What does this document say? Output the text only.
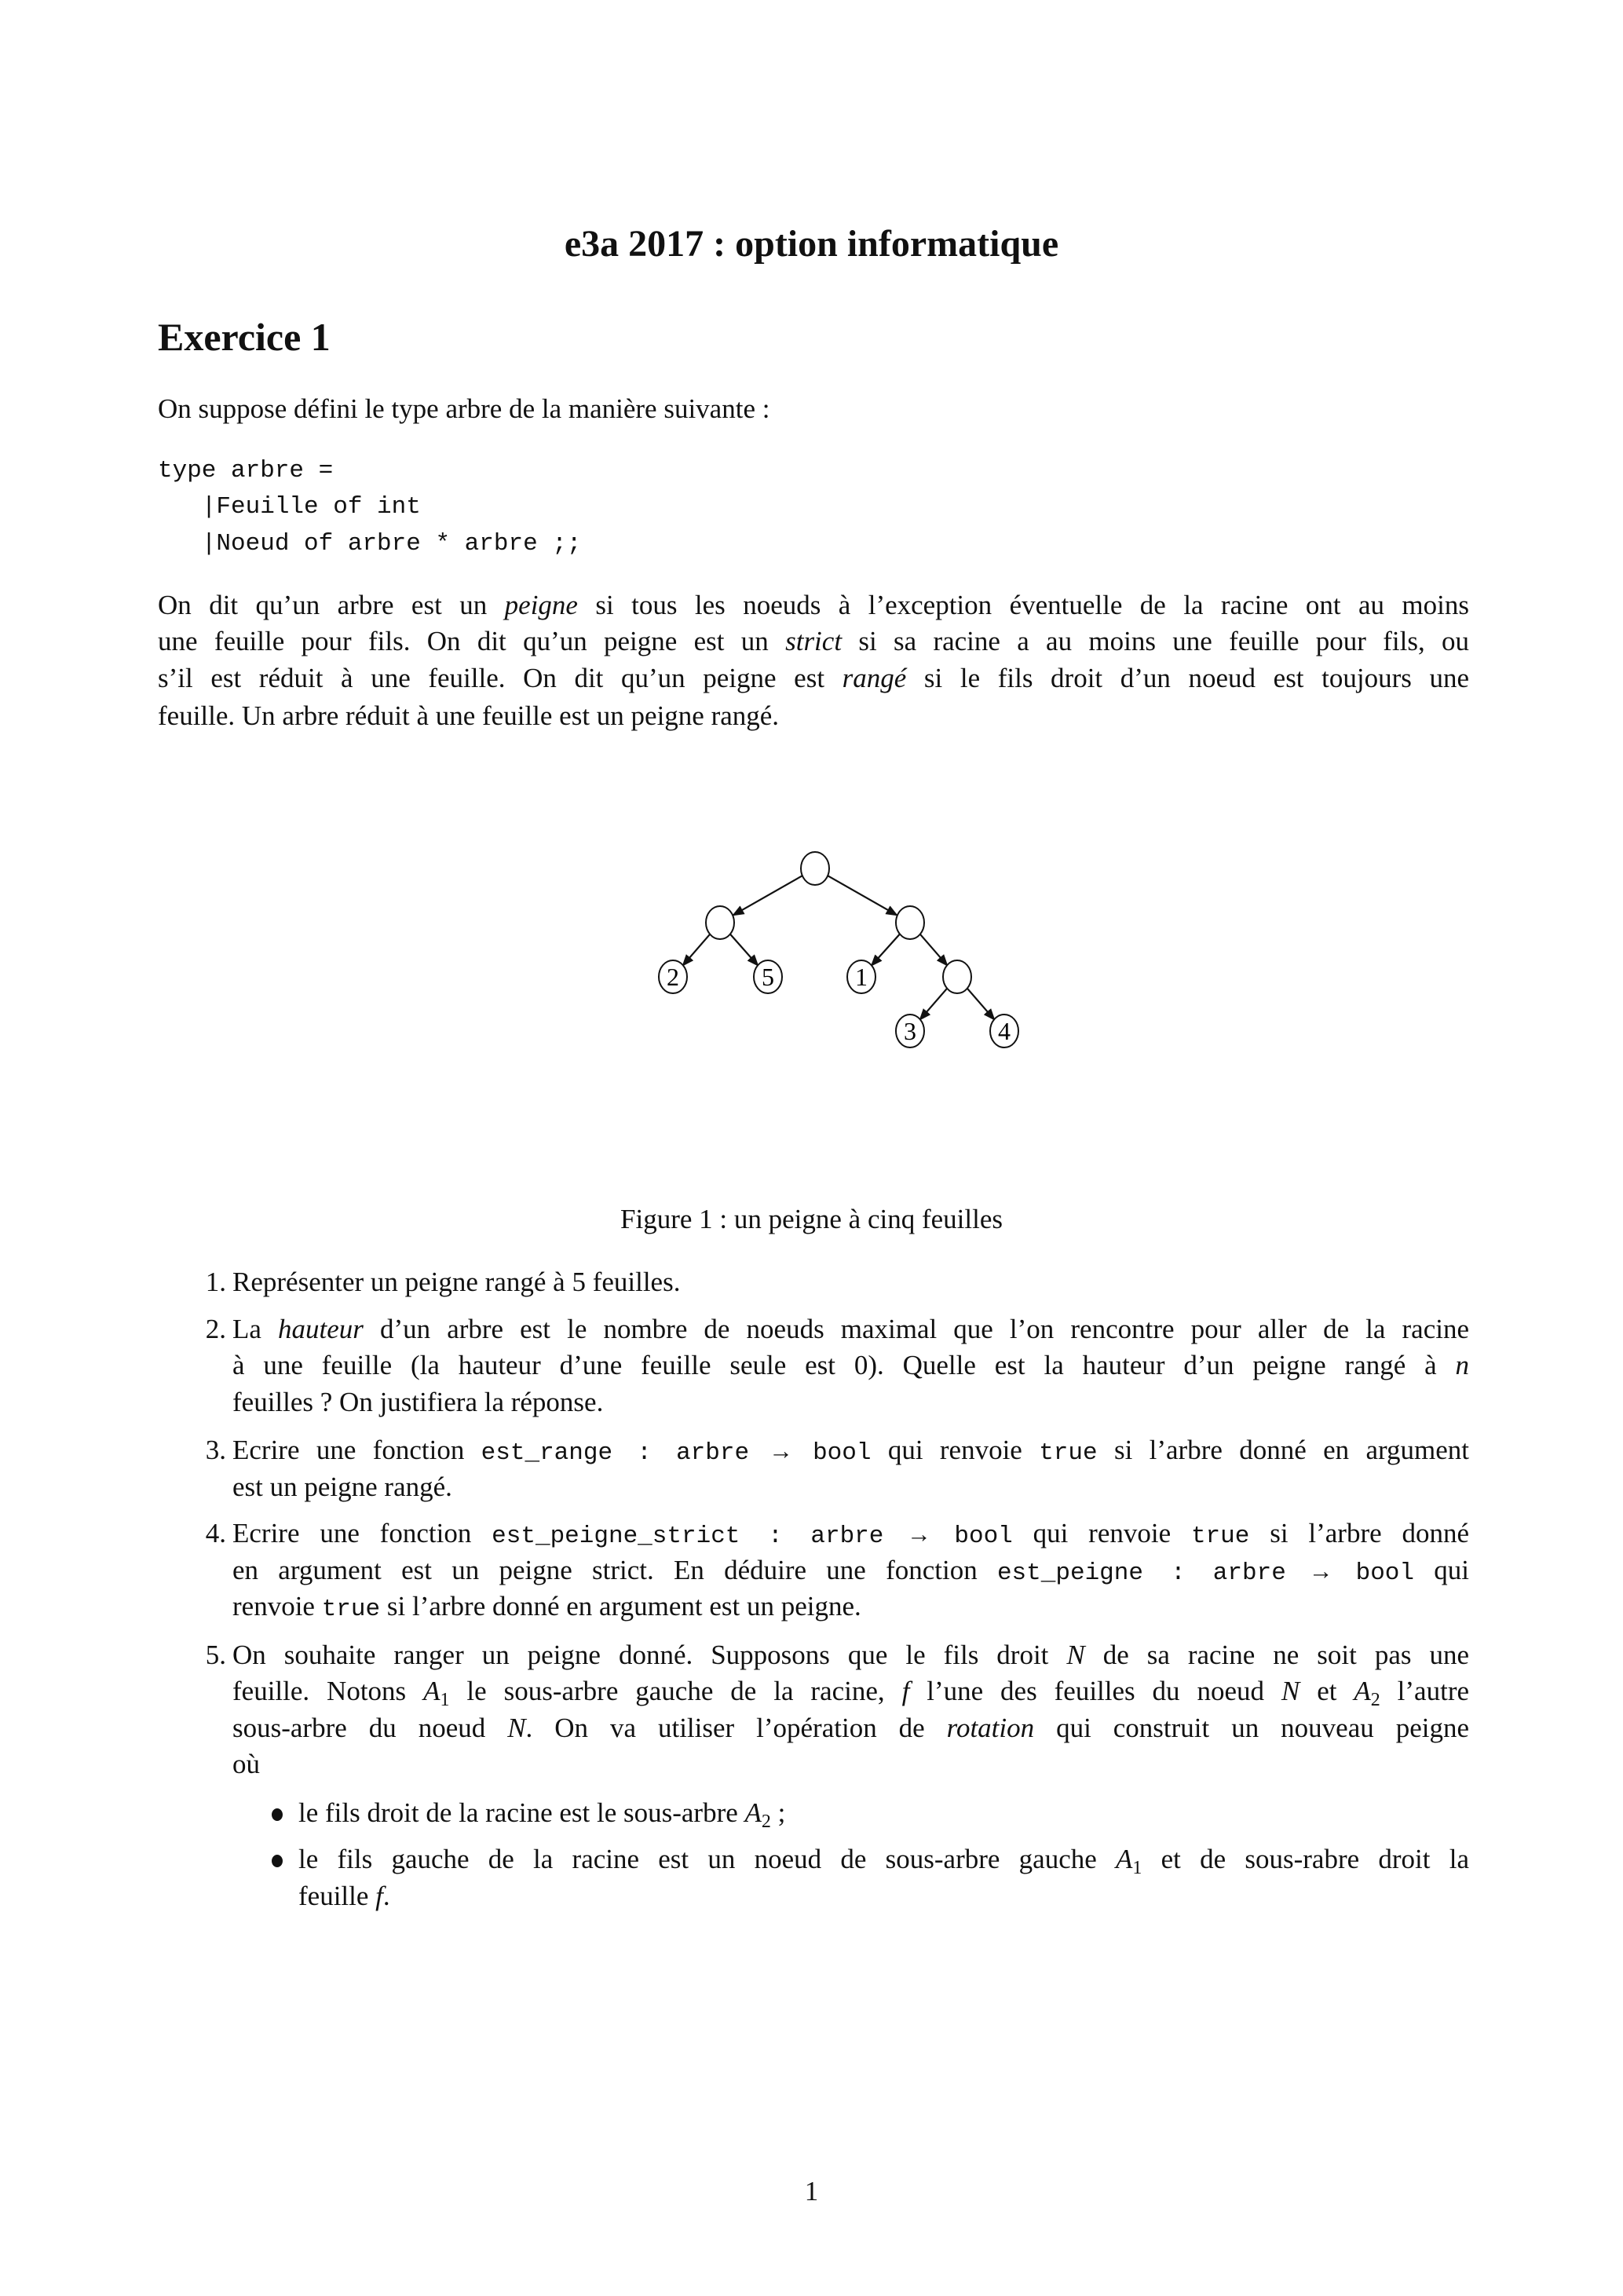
e3a 2017 : option informatique
Exercice 1
On suppose défini le type arbre de la manière suivante :
type arbre =
|Feuille of int
|Noeud of arbre * arbre ;;
On dit qu’un arbre est un peigne si tous les noeuds à l’exception éventuelle de la racine ont au moins
une feuille pour fils. On dit qu’un peigne est un strict si sa racine a au moins une feuille pour fils, ou
s’il est réduit à une feuille. On dit qu’un peigne est rangé si le fils droit d’un noeud est toujours une
feuille. Un arbre réduit à une feuille est un peigne rangé.
2	5	1
3	4
Figure 1 : un peigne à cinq feuilles
1. Représenter un peigne rangé à 5 feuilles.
2. La hauteur d’un arbre est le nombre de noeuds maximal que l’on rencontre pour aller de la racine
à une feuille (la hauteur d’une feuille seule est 0). Quelle est la hauteur d’un peigne rangé à n
feuilles ? On justifiera la réponse.
3. Ecrire une fonction est_range : arbre → bool qui renvoie true si l’arbre donné en argument
est un peigne rangé.
4. Ecrire une fonction est_peigne_strict : arbre → bool qui renvoie true si l’arbre donné
en argument est un peigne strict. En déduire une fonction est_peigne : arbre → bool qui
renvoie true si l’arbre donné en argument est un peigne.
5. On souhaite ranger un peigne donné. Supposons que le fils droit N de sa racine ne soit pas une
feuille. Notons $A_1$ le sous-arbre gauche de la racine, f l’une des feuilles du noeud N et $A_2$ l’autre
sous-arbre du noeud N. On va utiliser l’opération de rotation qui construit un nouveau peigne
où
le fils droit de la racine est le sous-arbre $A_2$ ;
le fils gauche de la racine est un noeud de sous-arbre gauche $A_1$ et de sous-rabre droit la
feuille f.
1
